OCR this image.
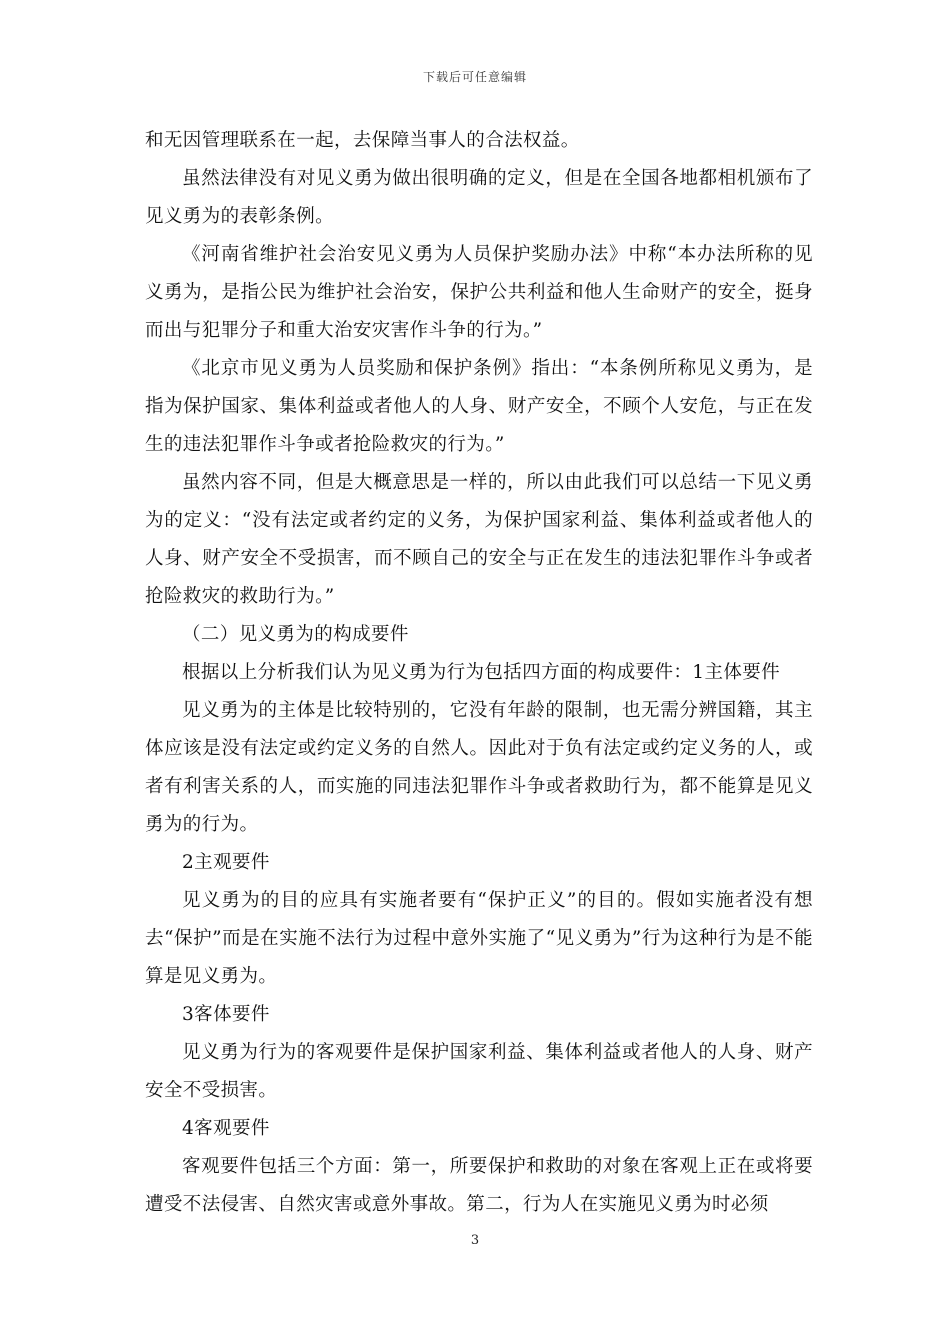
下载后可任意编辑

和无因管理联系在一起，去保障当事人的合法权益。

虽然法律没有对见义勇为做出很明确的定义，但是在全国各地都相机颁布了见义勇为的表彰条例。

《河南省维护社会治安见义勇为人员保护奖励办法》中称“本办法所称的见义勇为，是指公民为维护社会治安，保护公共利益和他人生命财产的安全，挺身而出与犯罪分子和重大治安灾害作斗争的行为。”

《北京市见义勇为人员奖励和保护条例》指出：“本条例所称见义勇为，是指为保护国家、集体利益或者他人的人身、财产安全，不顾个人安危，与正在发生的违法犯罪作斗争或者抢险救灾的行为。”

虽然内容不同，但是大概意思是一样的，所以由此我们可以总结一下见义勇为的定义：“没有法定或者约定的义务，为保护国家利益、集体利益或者他人的人身、财产安全不受损害，而不顾自己的安全与正在发生的违法犯罪作斗争或者抢险救灾的救助行为。”

（二）见义勇为的构成要件

根据以上分析我们认为见义勇为行为包括四方面的构成要件：1主体要件

见义勇为的主体是比较特别的，它没有年龄的限制，也无需分辨国籍，其主体应该是没有法定或约定义务的自然人。因此对于负有法定或约定义务的人，或者有利害关系的人，而实施的同违法犯罪作斗争或者救助行为，都不能算是见义勇为的行为。

2主观要件

见义勇为的目的应具有实施者要有“保护正义”的目的。假如实施者没有想去“保护”而是在实施不法行为过程中意外实施了“见义勇为”行为这种行为是不能算是见义勇为。

3客体要件

见义勇为行为的客观要件是保护国家利益、集体利益或者他人的人身、财产安全不受损害。

4客观要件

客观要件包括三个方面：第一，所要保护和救助的对象在客观上正在或将要遭受不法侵害、自然灾害或意外事故。第二，行为人在实施见义勇为时必须

3
